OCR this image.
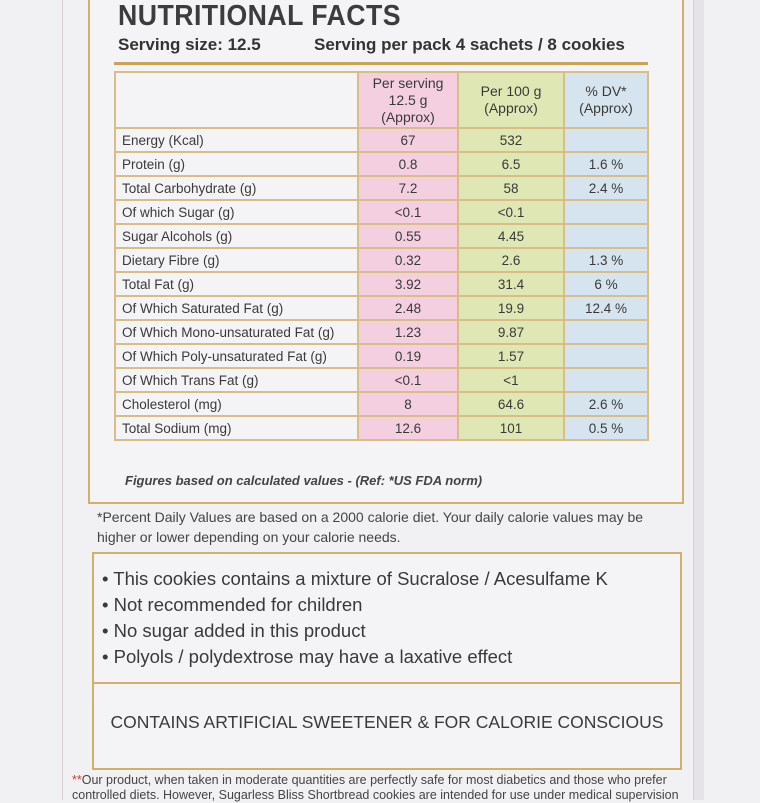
NUTRITIONAL FACTS
Serving size: 12.5	Serving per pack 4 sachets / 8 cookies
	Per serving 12.5 g (Approx)	Per 100 g (Approx)	% DV* (Approx)
Energy (Kcal)	67	532	
Protein (g)	0.8	6.5	1.6 %
Total Carbohydrate (g)	7.2	58	2.4 %
Of which Sugar (g)	<0.1	<0.1	
Sugar Alcohols (g)	0.55	4.45	
Dietary Fibre (g)	0.32	2.6	1.3 %
Total Fat (g)	3.92	31.4	6 %
Of Which Saturated Fat (g)	2.48	19.9	12.4 %
Of Which Mono-unsaturated Fat (g)	1.23	9.87	
Of Which Poly-unsaturated Fat (g)	0.19	1.57	
Of Which Trans Fat (g)	<0.1	<1	
Cholesterol (mg)	8	64.6	2.6 %
Total Sodium (mg)	12.6	101	0.5 %
Figures based on calculated values - (Ref: *US FDA norm)
*Percent Daily Values are based on a 2000 calorie diet. Your daily calorie values may be higher or lower depending on your calorie needs.
• This cookies contains a mixture of Sucralose / Acesulfame K
• Not recommended for children
• No sugar added in this product
• Polyols / polydextrose may have a laxative effect
CONTAINS ARTIFICIAL SWEETENER & FOR CALORIE CONSCIOUS
**Our product, when taken in moderate quantities are perfectly safe for most diabetics and those who prefer controlled diets. However, Sugarless Bliss Shortbread cookies are intended for use under medical supervision
